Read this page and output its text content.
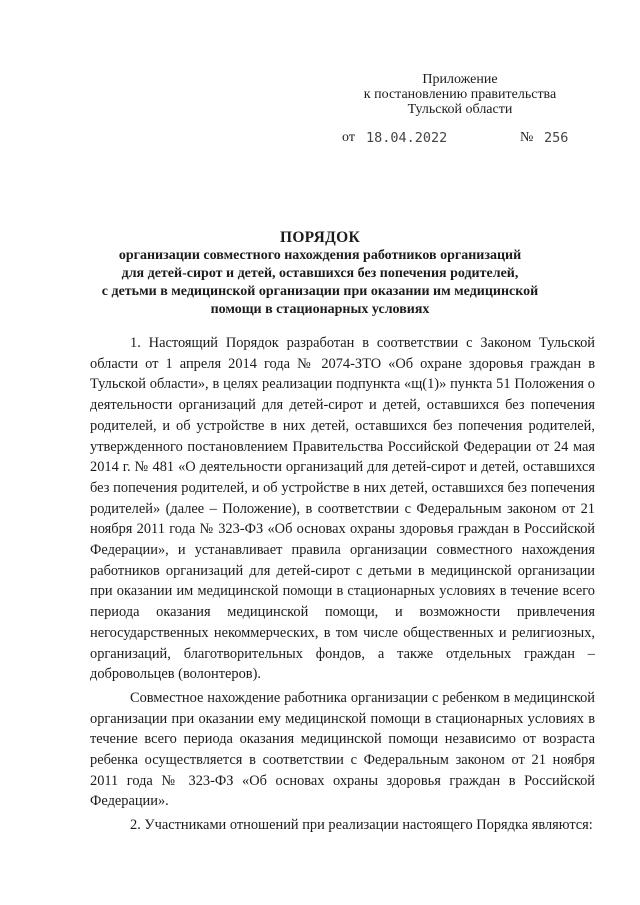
Приложение
к постановлению правительства
Тульской области
от 18.04.2022	№ 256
ПОРЯДОК
организации совместного нахождения работников организаций
для детей-сирот и детей, оставшихся без попечения родителей,
с детьми в медицинской организации при оказании им медицинской
помощи в стационарных условиях

1. Настоящий Порядок разработан в соответствии с Законом Тульской области от 1 апреля 2014 года № 2074-ЗТО «Об охране здоровья граждан в Тульской области», в целях реализации подпункта «щ(1)» пункта 51 Положения о деятельности организаций для детей-сирот и детей, оставшихся без попечения родителей, и об устройстве в них детей, оставшихся без попечения родителей, утвержденного постановлением Правительства Российской Федерации от 24 мая 2014 г. № 481 «О деятельности организаций для детей-сирот и детей, оставшихся без попечения родителей, и об устройстве в них детей, оставшихся без попечения родителей» (далее – Положение), в соответствии с Федеральным законом от 21 ноября 2011 года № 323-ФЗ «Об основах охраны здоровья граждан в Российской Федерации», и устанавливает правила организации совместного нахождения работников организаций для детей-сирот с детьми в медицинской организации при оказании им медицинской помощи в стационарных условиях в течение всего периода оказания медицинской помощи, и возможности привлечения негосударственных некоммерческих, в том числе общественных и религиозных, организаций, благотворительных фондов, а также отдельных граждан – добровольцев (волонтеров).

Совместное нахождение работника организации с ребенком в медицинской организации при оказании ему медицинской помощи в стационарных условиях в течение всего периода оказания медицинской помощи независимо от возраста ребенка осуществляется в соответствии с Федеральным законом от 21 ноября 2011 года № 323-ФЗ «Об основах охраны здоровья граждан в Российской Федерации».

2. Участниками отношений при реализации настоящего Порядка являются:
